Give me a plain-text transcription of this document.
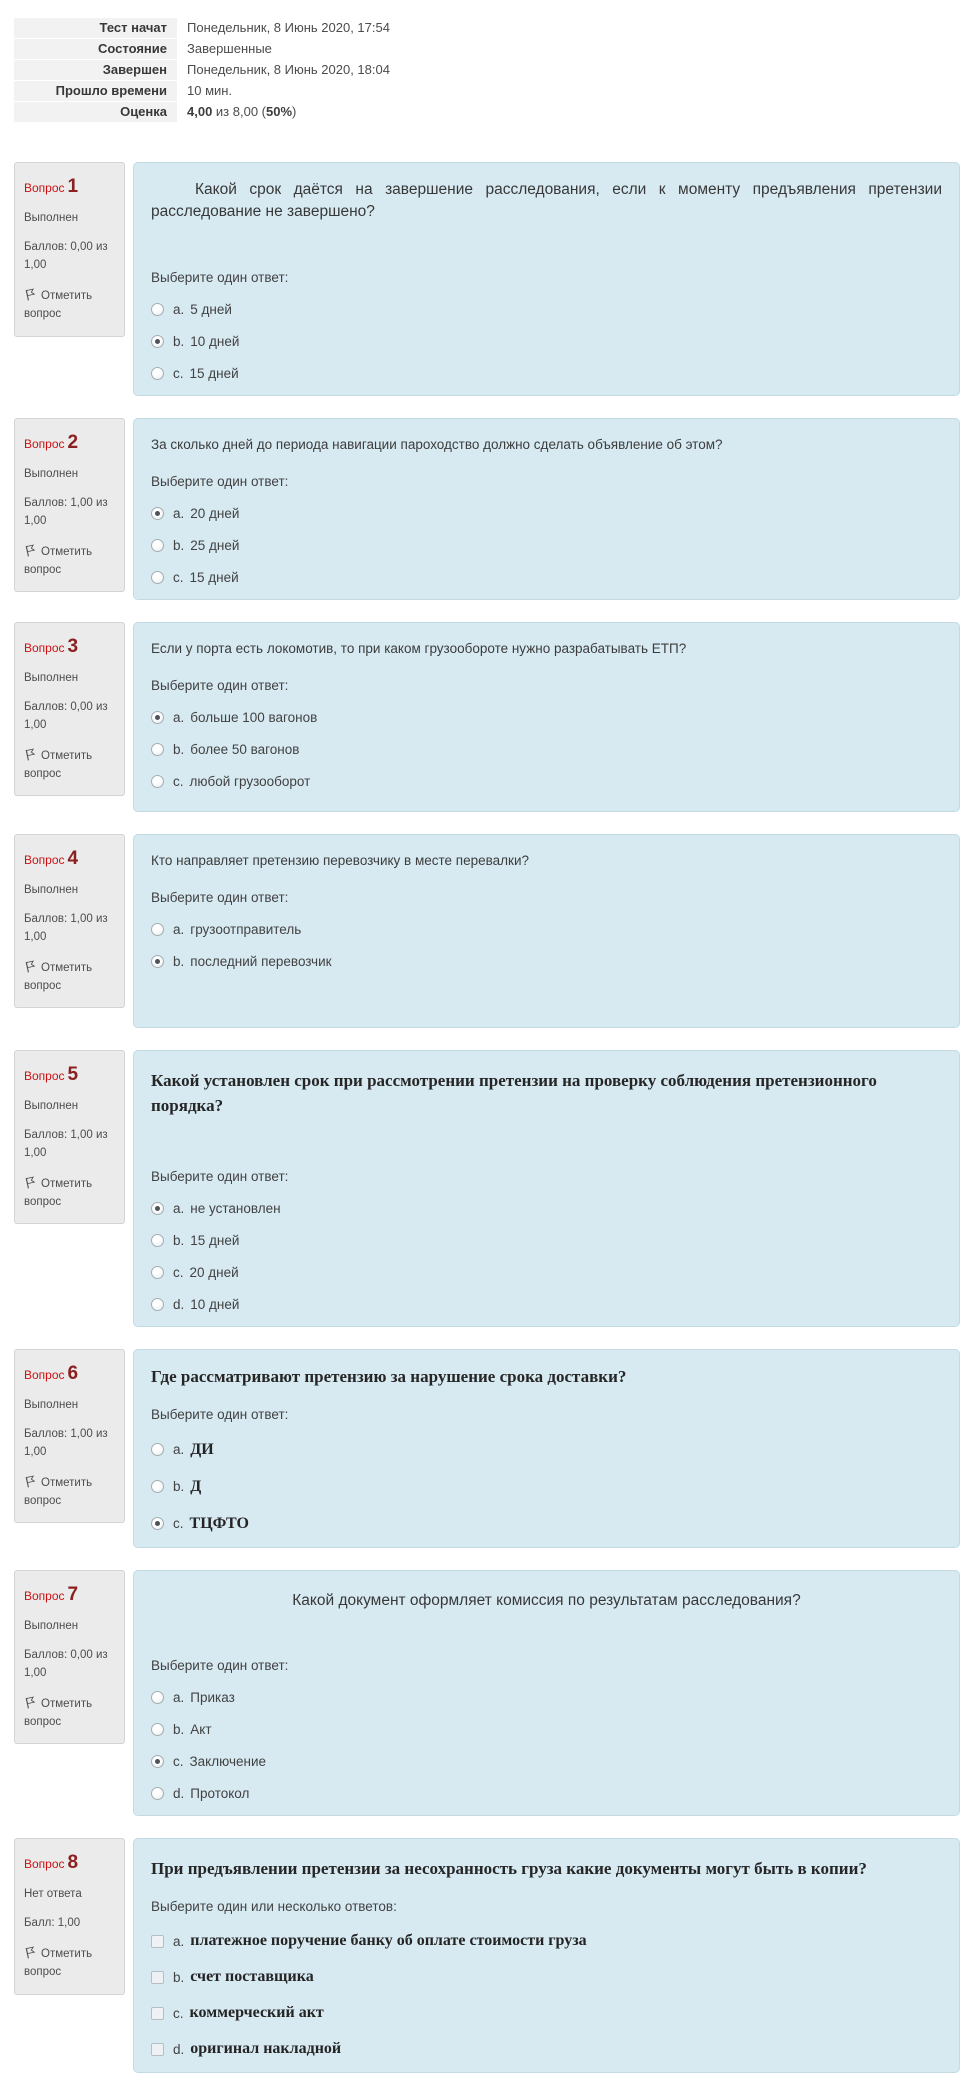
Тест начат	Понедельник, 8 Июнь 2020, 17:54
Состояние	Завершенные
Завершен	Понедельник, 8 Июнь 2020, 18:04
Прошло времени	10 мин.
Оценка	4,00 из 8,00 (50%)
Вопрос 1
Выполнен
Баллов: 0,00 из 1,00
Отметить вопрос
Какой срок даётся на завершение расследования, если к моменту предъявления претензии расследование не завершено?
Выберите один ответ:
a. 5 дней
b. 10 дней
c. 15 дней
Вопрос 2
Выполнен
Баллов: 1,00 из 1,00
Отметить вопрос
За сколько дней до периода навигации пароходство должно сделать объявление об этом?
Выберите один ответ:
a. 20 дней
b. 25 дней
c. 15 дней
Вопрос 3
Выполнен
Баллов: 0,00 из 1,00
Отметить вопрос
Если у порта есть локомотив, то при каком грузообороте нужно разрабатывать ЕТП?
Выберите один ответ:
a. больше 100 вагонов
b. более 50 вагонов
c. любой грузооборот
Вопрос 4
Выполнен
Баллов: 1,00 из 1,00
Отметить вопрос
Кто направляет претензию перевозчику в месте перевалки?
Выберите один ответ:
a. грузоотправитель
b. последний перевозчик
Вопрос 5
Выполнен
Баллов: 1,00 из 1,00
Отметить вопрос
Какой установлен срок при рассмотрении претензии на проверку соблюдения претензионного порядка?
Выберите один ответ:
a. не установлен
b. 15 дней
c. 20 дней
d. 10 дней
Вопрос 6
Выполнен
Баллов: 1,00 из 1,00
Отметить вопрос
Где рассматривают претензию за нарушение срока доставки?
Выберите один ответ:
a. ДИ
b. Д
c. ТЦФТО
Вопрос 7
Выполнен
Баллов: 0,00 из 1,00
Отметить вопрос
Какой документ оформляет комиссия по результатам расследования?
Выберите один ответ:
a. Приказ
b. Акт
c. Заключение
d. Протокол
Вопрос 8
Нет ответа
Балл: 1,00
Отметить вопрос
При предъявлении претензии за несохранность груза какие документы могут быть в копии?
Выберите один или несколько ответов:
a. платежное поручение банку об оплате стоимости груза
b. счет поставщика
c. коммерческий акт
d. оригинал накладной
